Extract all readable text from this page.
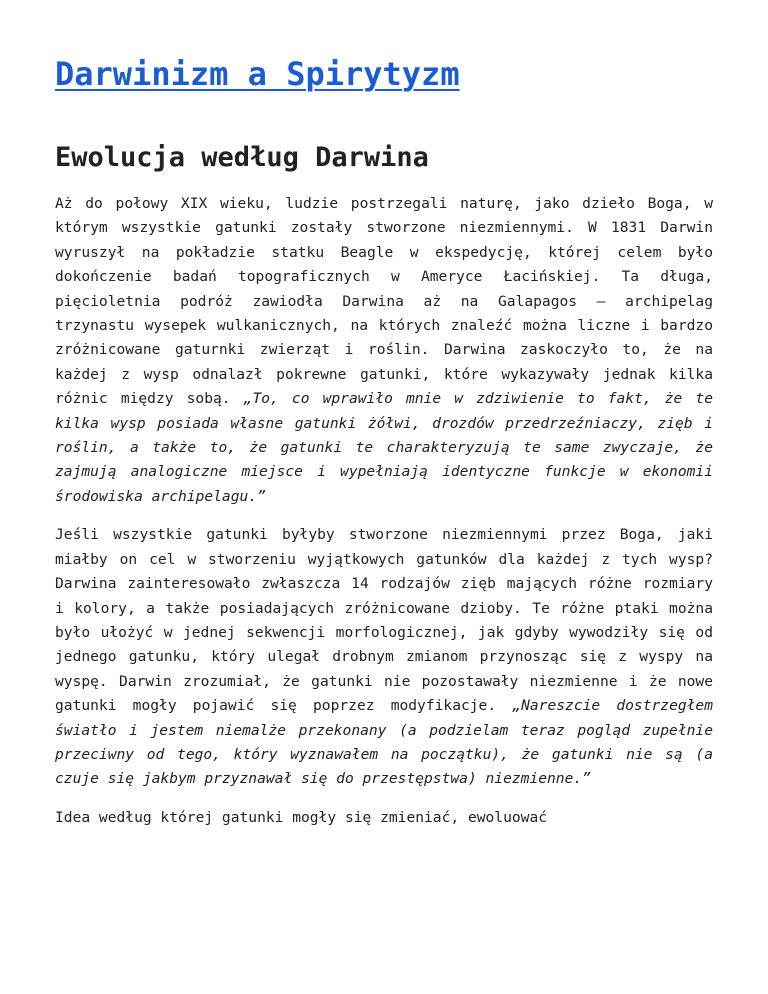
Darwinizm a Spirytyzm
Ewolucja według Darwina

Aż do połowy XIX wieku, ludzie postrzegali naturę, jako dzieło Boga, w którym wszystkie gatunki zostały stworzone niezmiennymi. W 1831 Darwin wyruszył na pokładzie statku Beagle w ekspedycję, której celem było dokończenie badań topograficznych w Ameryce Łacińskiej. Ta długa, pięcioletnia podróż zawiodła Darwina aż na Galapagos – archipelag trzynastu wysepek wulkanicznych, na których znaleźć można liczne i bardzo zróżnicowane gaturnki zwierząt i roślin. Darwina zaskoczyło to, że na każdej z wysp odnalazł pokrewne gatunki, które wykazywały jednak kilka różnic między sobą. „To, co wprawiło mnie w zdziwienie to fakt, że te kilka wysp posiada własne gatunki żółwi, drozdów przedrzeźniaczy, zięb i roślin, a także to, że gatunki te charakteryzują te same zwyczaje, że zajmują analogiczne miejsce i wypełniają identyczne funkcje w ekonomii środowiska archipelagu.”

Jeśli wszystkie gatunki byłyby stworzone niezmiennymi przez Boga, jaki miałby on cel w stworzeniu wyjątkowych gatunków dla każdej z tych wysp? Darwina zainteresowało zwłaszcza 14 rodzajów zięb mających różne rozmiary i kolory, a także posiadających zróżnicowane dzioby. Te różne ptaki można było ułożyć w jednej sekwencji morfologicznej, jak gdyby wywodziły się od jednego gatunku, który ulegał drobnym zmianom przynosząc się z wyspy na wyspę. Darwin zrozumiał, że gatunki nie pozostawały niezmienne i że nowe gatunki mogły pojawić się poprzez modyfikacje. „Nareszcie dostrzegłem światło i jestem niemalże przekonany (a podzielam teraz pogląd zupełnie przeciwny od tego, który wyznawałem na początku), że gatunki nie są (a czuje się jakbym przyznawał się do przestępstwa) niezmienne.”

Idea według której gatunki mogły się zmieniać, ewoluować
